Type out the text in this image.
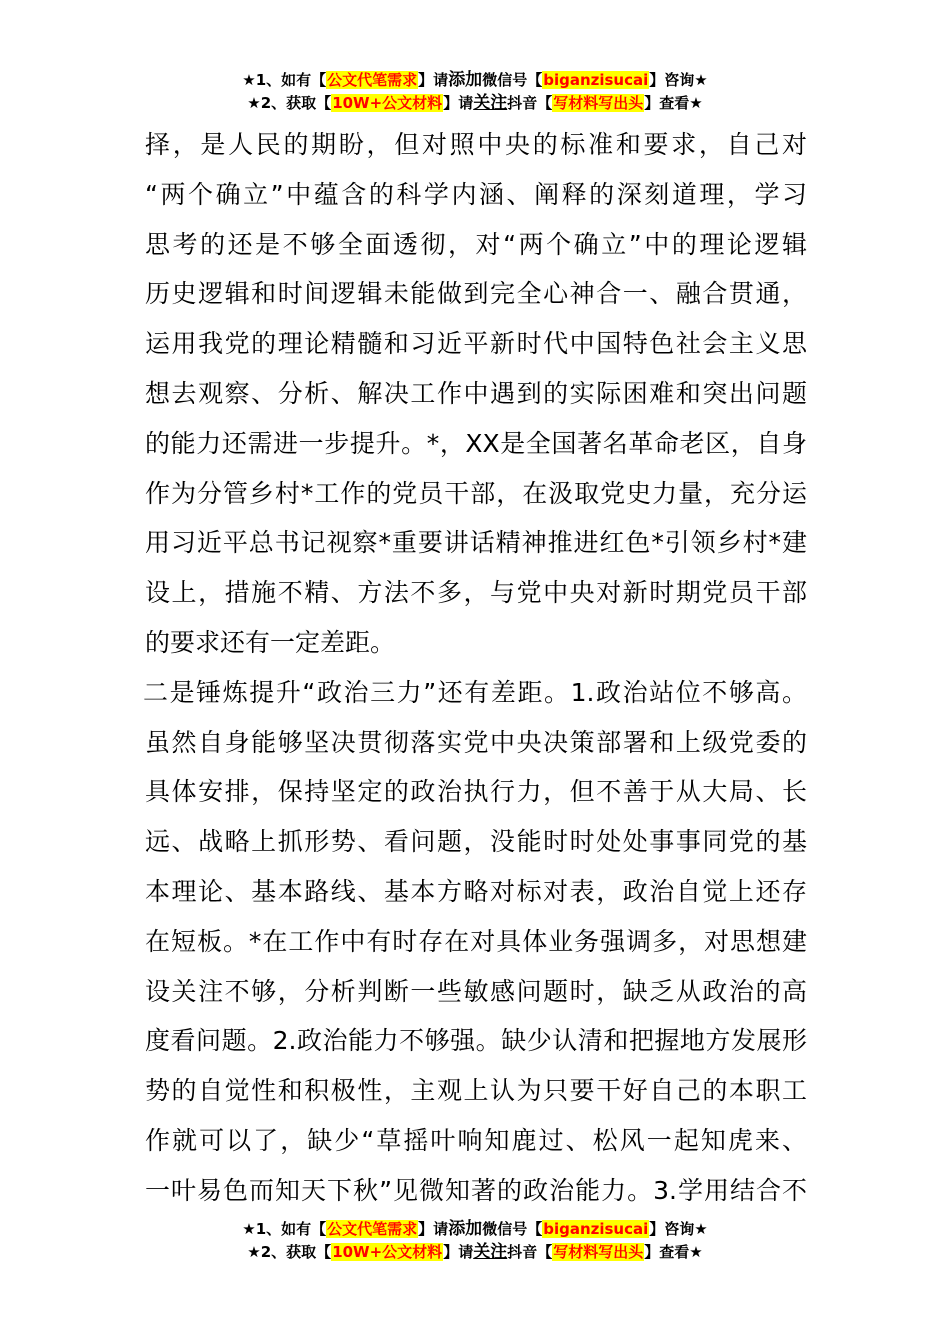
★1、如有【公文代笔需求】请添加微信号【biganzisucai】咨询★
★2、获取【10W+公文材料】请关注抖音【写材料写出头】查看★
择，是人民的期盼，但对照中央的标准和要求，自己对
“两个确立”中蕴含的科学内涵、阐释的深刻道理，学习
思考的还是不够全面透彻，对“两个确立”中的理论逻辑
历史逻辑和时间逻辑未能做到完全心神合一、融合贯通，
运用我党的理论精髓和习近平新时代中国特色社会主义思
想去观察、分析、解决工作中遇到的实际困难和突出问题
的能力还需进一步提升。*，XX是全国著名革命老区，自身
作为分管乡村*工作的党员干部，在汲取党史力量，充分运
用习近平总书记视察*重要讲话精神推进红色*引领乡村*建
设上，措施不精、方法不多，与党中央对新时期党员干部
的要求还有一定差距。
二是锤炼提升“政治三力”还有差距。1.政治站位不够高。
虽然自身能够坚决贯彻落实党中央决策部署和上级党委的
具体安排，保持坚定的政治执行力，但不善于从大局、长
远、战略上抓形势、看问题，没能时时处处事事同党的基
本理论、基本路线、基本方略对标对表，政治自觉上还存
在短板。*在工作中有时存在对具体业务强调多，对思想建
设关注不够，分析判断一些敏感问题时，缺乏从政治的高
度看问题。2.政治能力不够强。缺少认清和把握地方发展形
势的自觉性和积极性，主观上认为只要干好自己的本职工
作就可以了，缺少“草摇叶响知鹿过、松风一起知虎来、
一叶易色而知天下秋”见微知著的政治能力。3.学用结合不
★1、如有【公文代笔需求】请添加微信号【biganzisucai】咨询★
★2、获取【10W+公文材料】请关注抖音【写材料写出头】查看★
